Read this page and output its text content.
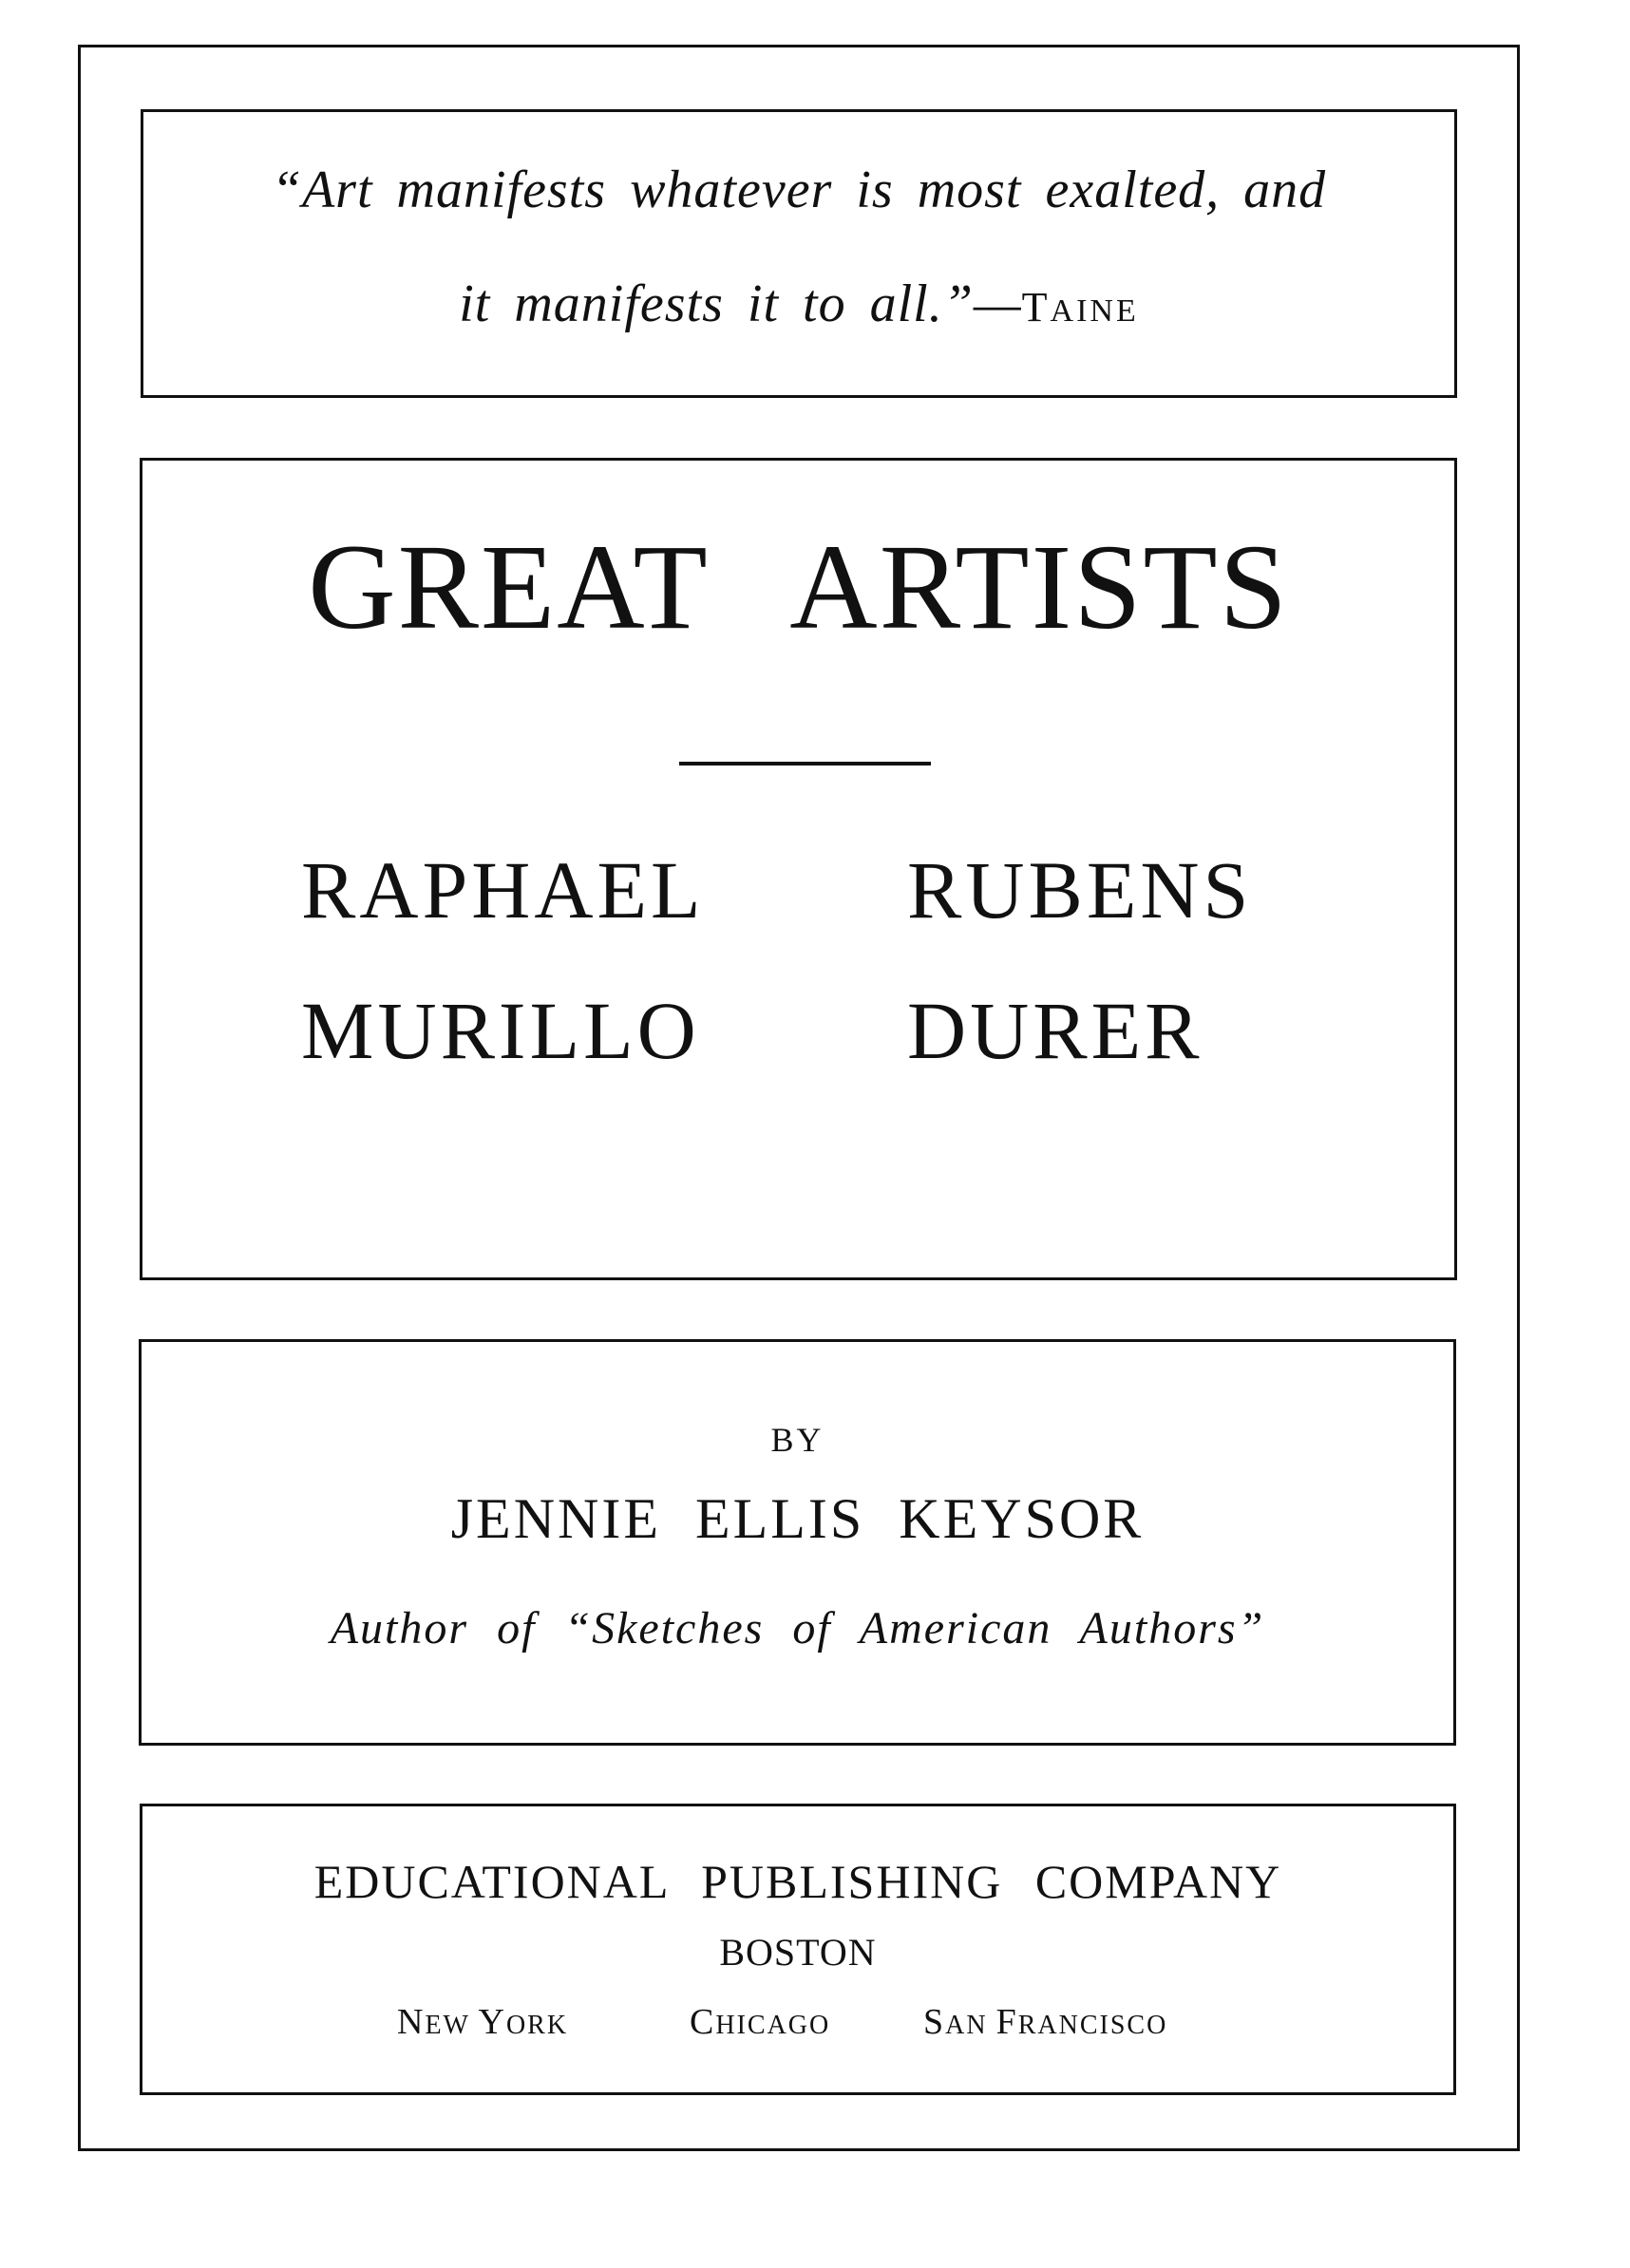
“Art manifests whatever is most exalted, and
it manifests it to all.”—TAINE
GREAT ARTISTS
RAPHAEL RUBENS
MURILLO	DURER
BY
JENNIE ELLIS KEYSOR
Author of “Sketches of American Authors”
EDUCATIONAL PUBLISHING COMPANY
BOSTON
NEW YORK	CHICAGO	SAN FRANCISCO
